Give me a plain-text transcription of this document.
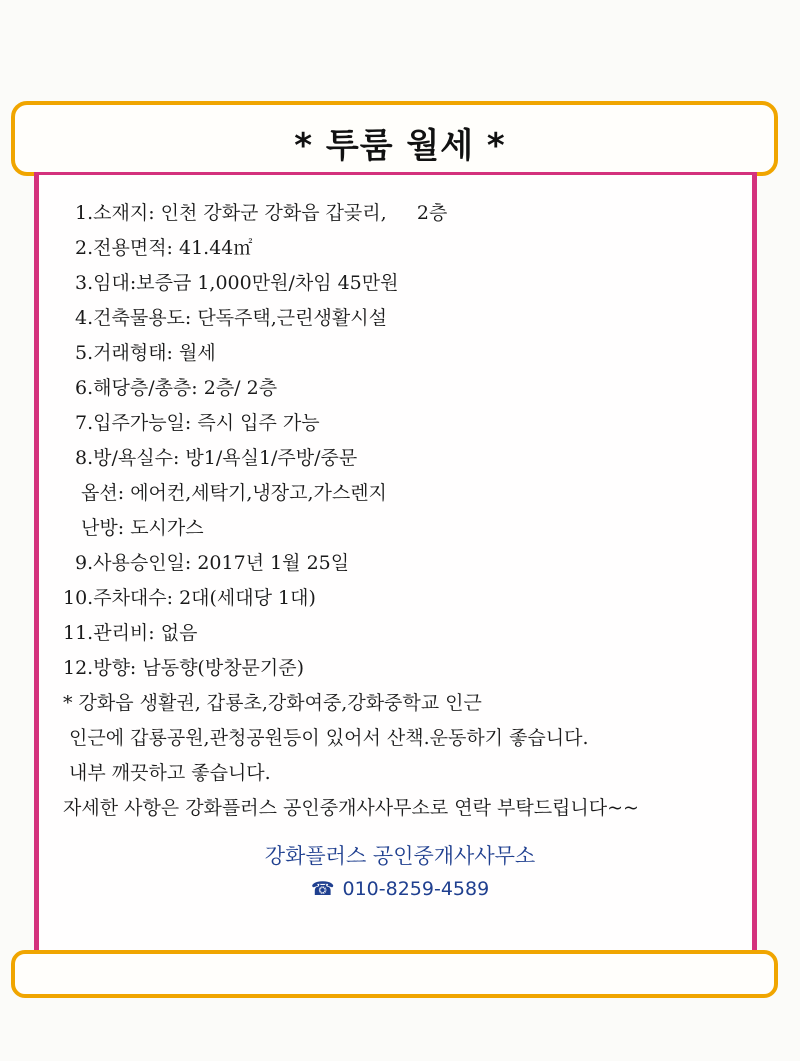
* 투룸 월세 *
1.소재지: 인천 강화군 강화읍 갑곶리,     2층
2.전용면적: 41.44㎡
3.임대:보증금 1,000만원/차임 45만원
4.건축물용도: 단독주택,근린생활시설
5.거래형태: 월세
6.해당층/총층: 2층/ 2층
7.입주가능일: 즉시 입주 가능
8.방/욕실수: 방1/욕실1/주방/중문
옵션: 에어컨,세탁기,냉장고,가스렌지
난방: 도시가스
9.사용승인일: 2017년 1월 25일
10.주차대수: 2대(세대당 1대)
11.관리비: 없음
12.방향: 남동향(방창문기준)
* 강화읍 생활권, 갑룡초,강화여중,강화중학교 인근
인근에 갑룡공원,관청공원등이 있어서 산책.운동하기 좋습니다.
내부 깨끗하고 좋습니다.
자세한 사항은 강화플러스 공인중개사사무소로 연락 부탁드립니다~~
강화플러스 공인중개사사무소
☎ 010-8259-4589
